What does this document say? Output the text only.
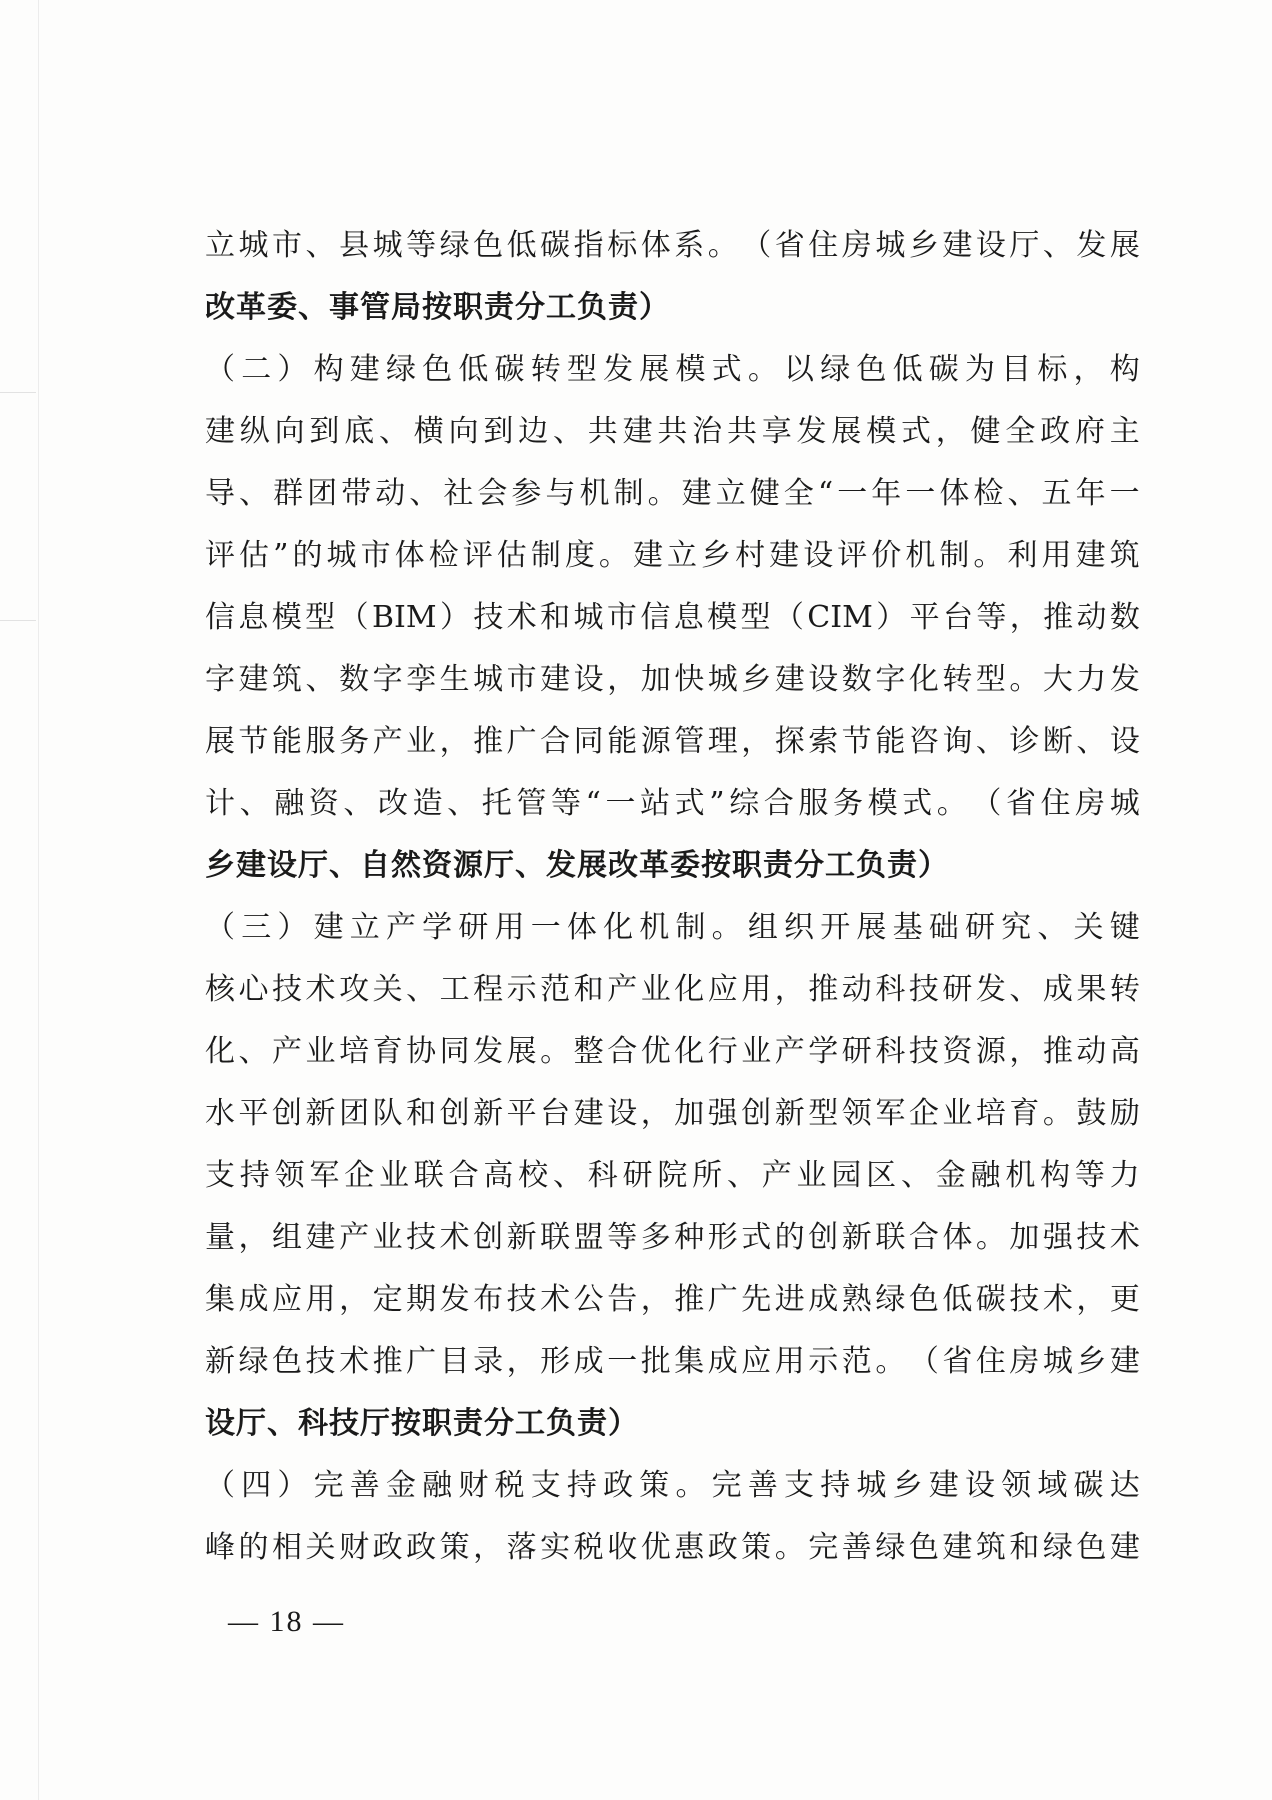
立 城 市 、 县 城 等 绿 色 低 碳 指 标 体 系 。 （ 省 住 房 城 乡 建 设 厅 、 发 展
改革委、事管局按职责分工负责）
（ 二 ） 构 建 绿 色 低 碳 转 型 发 展 模 式 。 以 绿 色 低 碳 为 目 标 ， 构
建 纵 向 到 底 、 横 向 到 边 、 共 建 共 治 共 享 发 展 模 式 ， 健 全 政 府 主
导 、 群 团 带 动 、 社 会 参 与 机 制 。 建 立 健 全 “ 一 年 一 体 检 、 五 年 一
评 估 ” 的 城 市 体 检 评 估 制 度 。 建 立 乡 村 建 设 评 价 机 制 。 利 用 建 筑
信 息 模 型 （ BIM ） 技 术 和 城 市 信 息 模 型 （ CIM ） 平 台 等 ， 推 动 数
字 建 筑 、 数 字 孪 生 城 市 建 设 ， 加 快 城 乡 建 设 数 字 化 转 型 。 大 力 发
展 节 能 服 务 产 业 ， 推 广 合 同 能 源 管 理 ， 探 索 节 能 咨 询 、 诊 断 、 设
计 、 融 资 、 改 造 、 托 管 等 “ 一 站 式 ” 综 合 服 务 模 式 。 （ 省 住 房 城
乡建设厅、自然资源厅、发展改革委按职责分工负责）
（ 三 ） 建 立 产 学 研 用 一 体 化 机 制 。 组 织 开 展 基 础 研 究 、 关 键
核 心 技 术 攻 关 、 工 程 示 范 和 产 业 化 应 用 ， 推 动 科 技 研 发 、 成 果 转
化 、 产 业 培 育 协 同 发 展 。 整 合 优 化 行 业 产 学 研 科 技 资 源 ， 推 动 高
水 平 创 新 团 队 和 创 新 平 台 建 设 ， 加 强 创 新 型 领 军 企 业 培 育 。 鼓 励
支 持 领 军 企 业 联 合 高 校 、 科 研 院 所 、 产 业 园 区 、 金 融 机 构 等 力
量 ， 组 建 产 业 技 术 创 新 联 盟 等 多 种 形 式 的 创 新 联 合 体 。 加 强 技 术
集 成 应 用 ， 定 期 发 布 技 术 公 告 ， 推 广 先 进 成 熟 绿 色 低 碳 技 术 ， 更
新 绿 色 技 术 推 广 目 录 ， 形 成 一 批 集 成 应 用 示 范 。 （ 省 住 房 城 乡 建
设厅、科技厅按职责分工负责）
（ 四 ） 完 善 金 融 财 税 支 持 政 策 。 完 善 支 持 城 乡 建 设 领 域 碳 达
峰 的 相 关 财 政 政 策 ， 落 实 税 收 优 惠 政 策 。 完 善 绿 色 建 筑 和 绿 色 建
— 18 —
